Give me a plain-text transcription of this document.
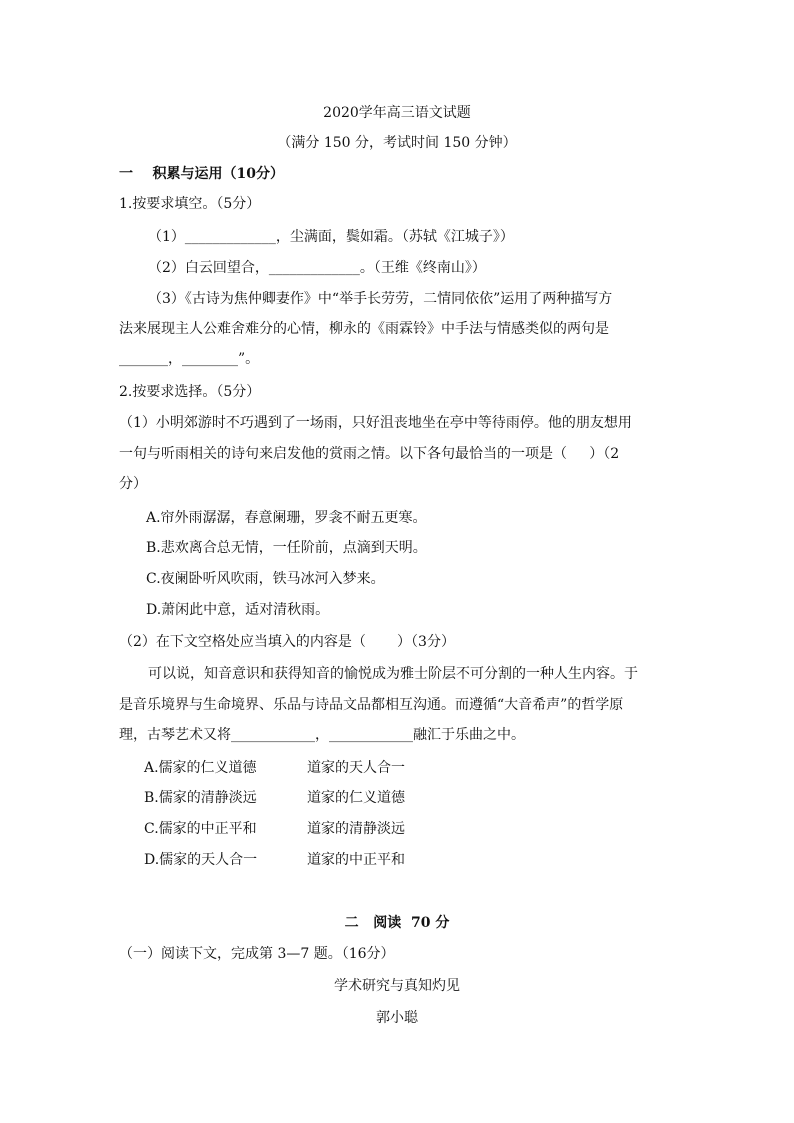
2020学年高三语文试题
（满分 150 分，考试时间 150 分钟）
一    积累与运用（10分）
1.按要求填空。（5分）
（1）_____________，尘满面，鬓如霜。（苏轼《江城子》）
（2）白云回望合，_____________。（王维《终南山》）
（3）《古诗为焦仲卿妻作》中“举手长劳劳，二情同依依”运用了两种描写方
法来展现主人公难舍难分的心情，柳永的《雨霖铃》中手法与情感类似的两句是
_______，________”。
2.按要求选择。（5分）
（1）小明郊游时不巧遇到了一场雨，只好沮丧地坐在亭中等待雨停。他的朋友想用
一句与听雨相关的诗句来启发他的赏雨之情。以下各句最恰当的一项是（     ）（2
分）
A.帘外雨潺潺，春意阑珊，罗衾不耐五更寒。
B.悲欢离合总无情，一任阶前，点滴到天明。
C.夜阑卧听风吹雨，铁马冰河入梦来。
D.萧闲此中意，适对清秋雨。
（2）在下文空格处应当填入的内容是（       ）（3分）
可以说，知音意识和获得知音的愉悦成为雅士阶层不可分割的一种人生内容。于
是音乐境界与生命境界、乐品与诗品文品都相互沟通。而遵循“大音希声”的哲学原
理，古琴艺术又将____________，____________融汇于乐曲之中。
A.儒家的仁义道德	道家的天人合一
B.儒家的清静淡远	道家的仁义道德
C.儒家的中正平和	道家的清静淡远
D.儒家的天人合一	道家的中正平和
二   阅读  70 分
（一）阅读下文，完成第 3—7 题。（16分）
学术研究与真知灼见
郭小聪
